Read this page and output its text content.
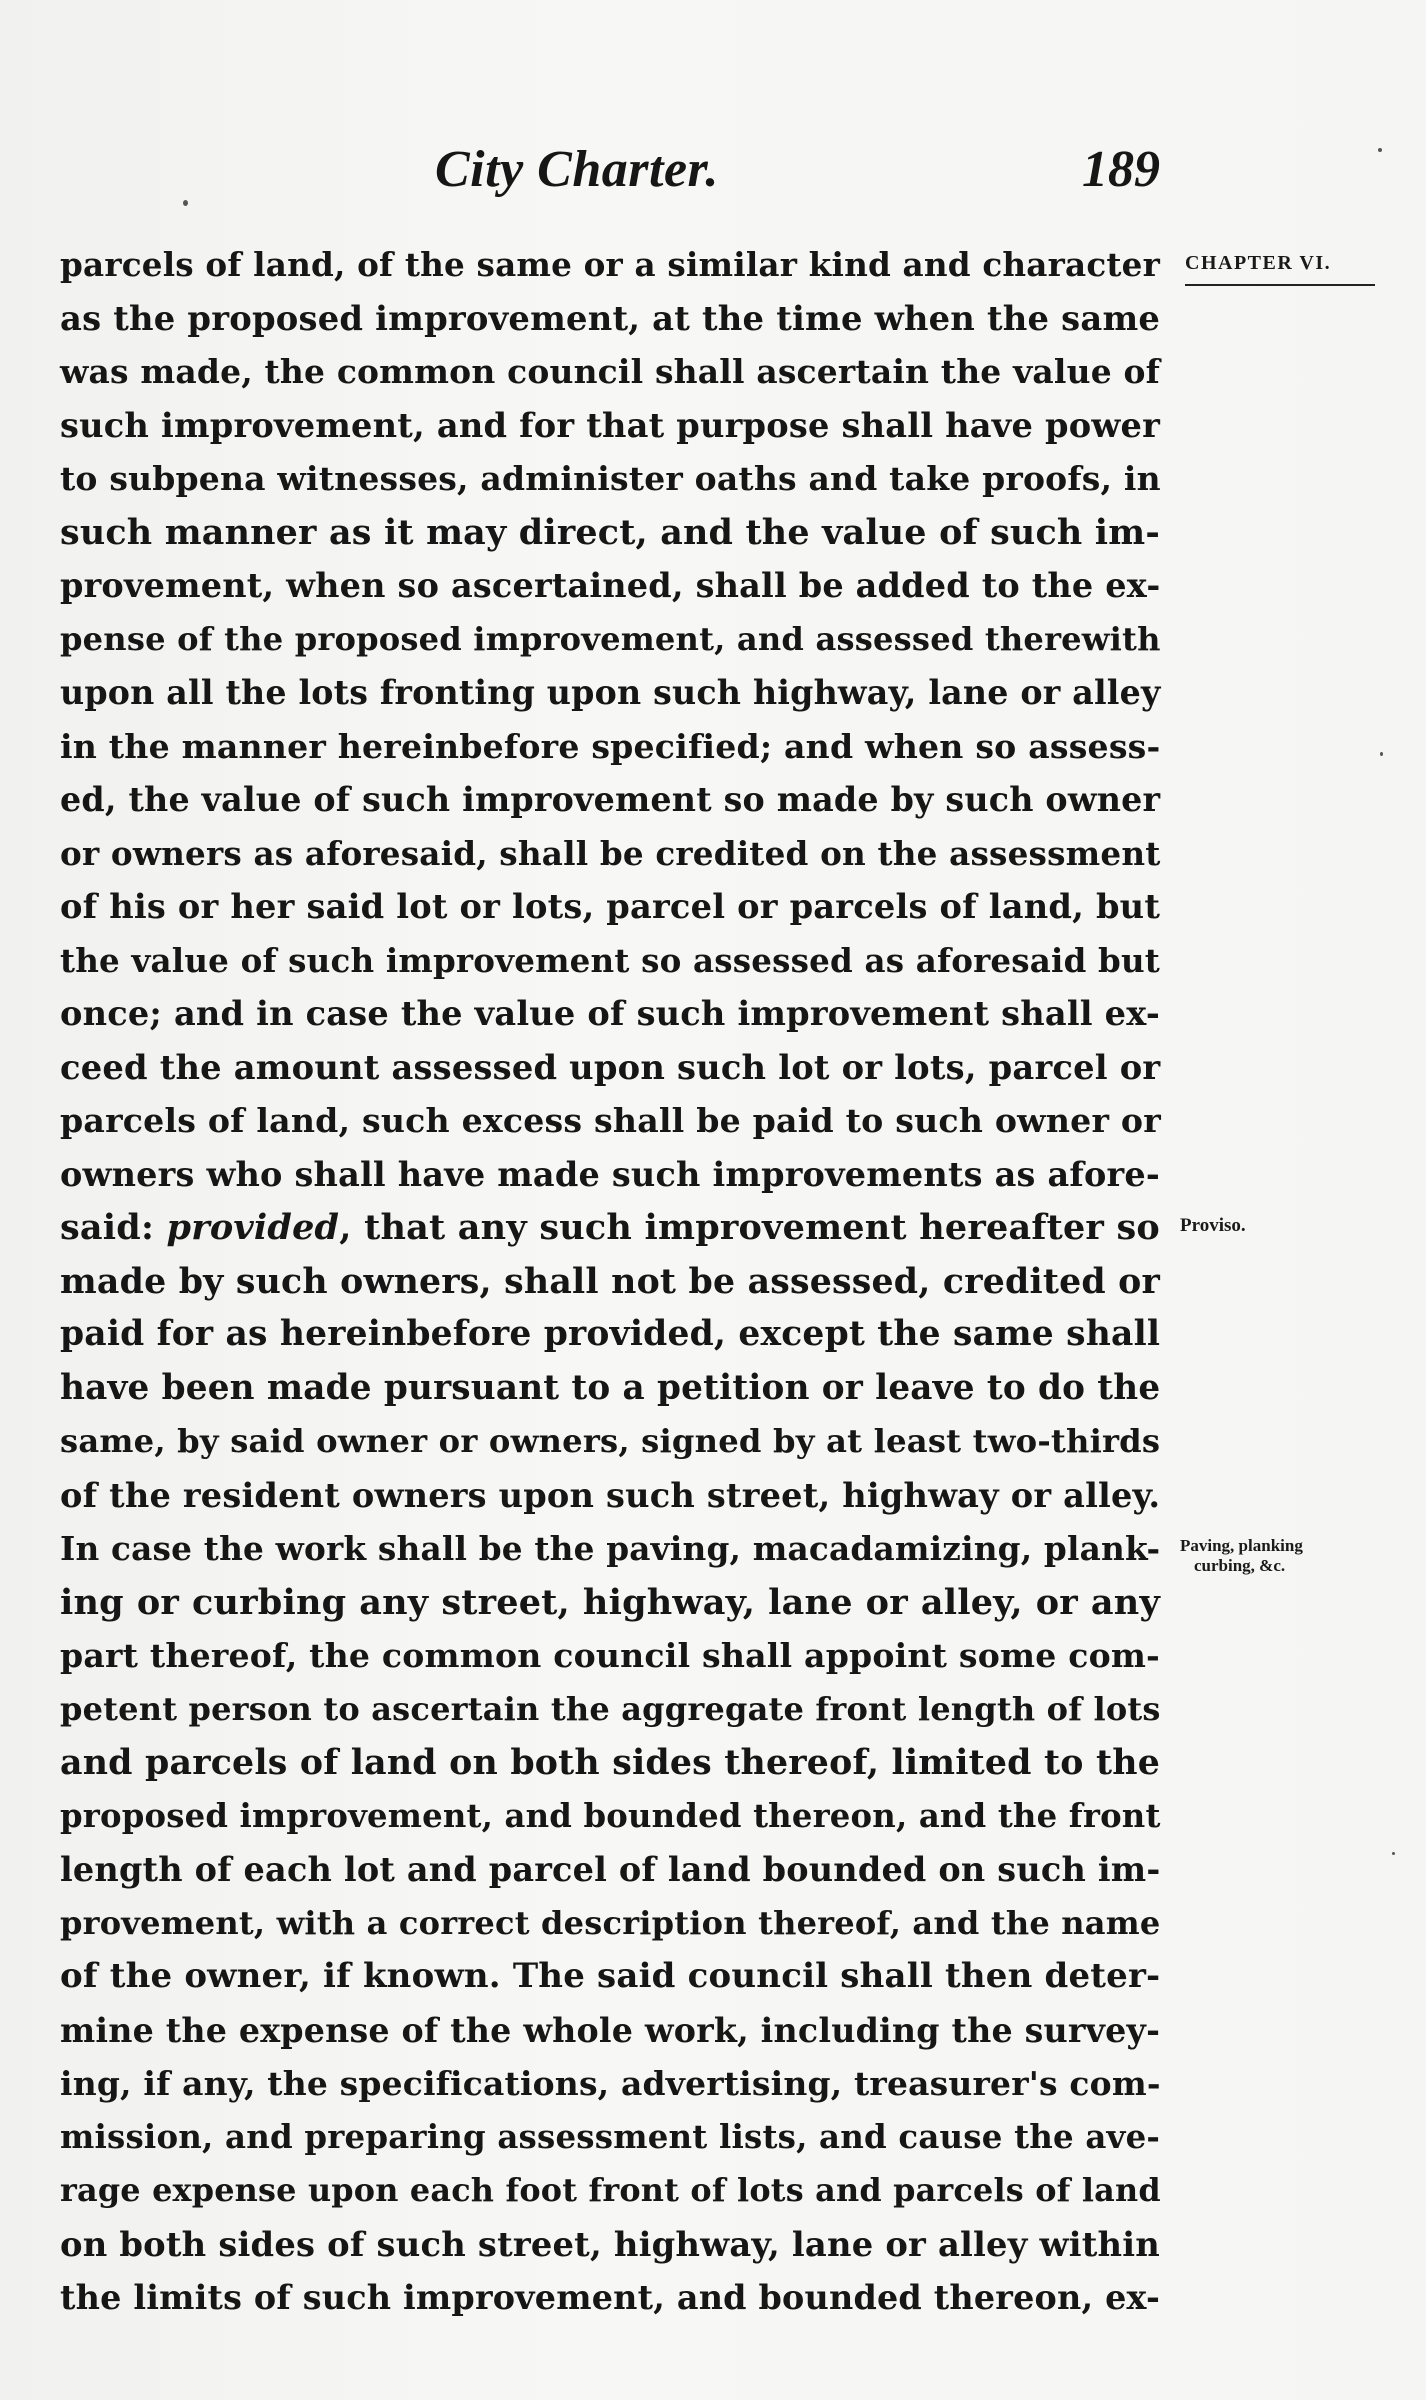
City Charter.	189
CHAPTER VI.
Proviso.
Paving, planking
curbing, &c.
parcels of land, of the same or a similar kind and character
as the proposed improvement, at the time when the same
was made, the common council shall ascertain the value of
such improvement, and for that purpose shall have power
to subpena witnesses, administer oaths and take proofs, in
such manner as it may direct, and the value of such im-
provement, when so ascertained, shall be added to the ex-
pense of the proposed improvement, and assessed therewith
upon all the lots fronting upon such highway, lane or alley
in the manner hereinbefore specified; and when so assess-
ed, the value of such improvement so made by such owner
or owners as aforesaid, shall be credited on the assessment
of his or her said lot or lots, parcel or parcels of land, but
the value of such improvement so assessed as aforesaid but
once; and in case the value of such improvement shall ex-
ceed the amount assessed upon such lot or lots, parcel or
parcels of land, such excess shall be paid to such owner or
owners who shall have made such improvements as afore-
said: provided, that any such improvement hereafter so
made by such owners, shall not be assessed, credited or
paid for as hereinbefore provided, except the same shall
have been made pursuant to a petition or leave to do the
same, by said owner or owners, signed by at least two-thirds
of the resident owners upon such street, highway or alley.
In case the work shall be the paving, macadamizing, plank-
ing or curbing any street, highway, lane or alley, or any
part thereof, the common council shall appoint some com-
petent person to ascertain the aggregate front length of lots
and parcels of land on both sides thereof, limited to the
proposed improvement, and bounded thereon, and the front
length of each lot and parcel of land bounded on such im-
provement, with a correct description thereof, and the name
of the owner, if known. The said council shall then deter-
mine the expense of the whole work, including the survey-
ing, if any, the specifications, advertising, treasurer's com-
mission, and preparing assessment lists, and cause the ave-
rage expense upon each foot front of lots and parcels of land
on both sides of such street, highway, lane or alley within
the limits of such improvement, and bounded thereon, ex-
